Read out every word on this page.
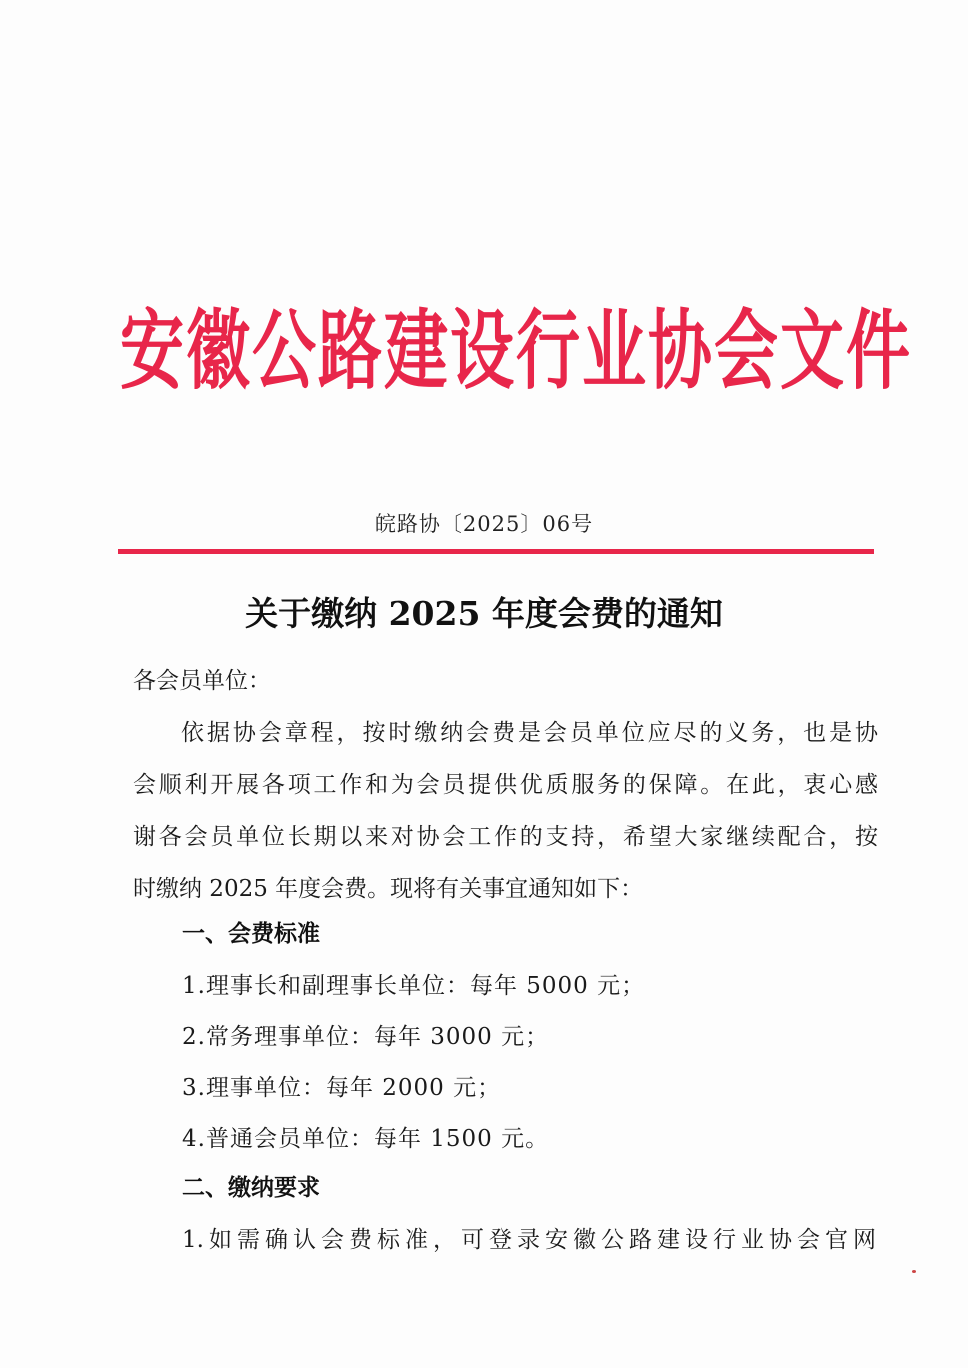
安徽公路建设行业协会文件
皖路协〔2025〕06号
关于缴纳 2025 年度会费的通知
各会员单位：
依据协会章程，按时缴纳会费是会员单位应尽的义务，也是协
会顺利开展各项工作和为会员提供优质服务的保障。在此，衷心感
谢各会员单位长期以来对协会工作的支持，希望大家继续配合，按
时缴纳 2025 年度会费。现将有关事宜通知如下：
一、会费标准
1.理事长和副理事长单位：每年 5000 元；
2.常务理事单位：每年 3000 元；
3.理事单位：每年 2000 元；
4.普通会员单位：每年 1500 元。
二、缴纳要求
1.如需确认会费标准，可登录安徽公路建设行业协会官网
